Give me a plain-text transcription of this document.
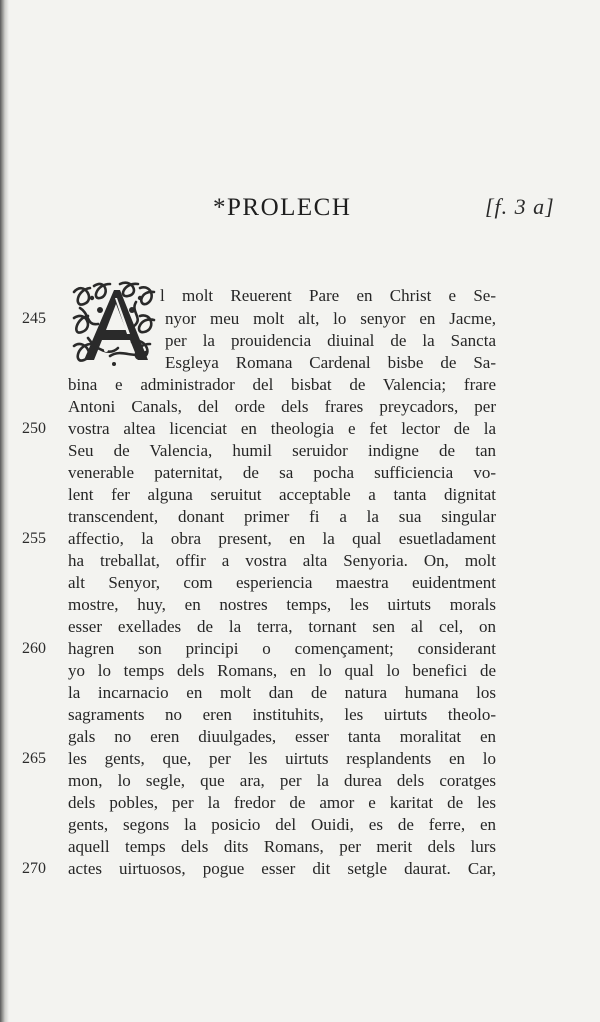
*PROLECH	[f. 3 a]
l molt Reuerent Pare en Christ e Se-
nyor meu molt alt, lo senyor en Jacme,
per la prouidencia diuinal de la Sancta
Esgleya Romana Cardenal bisbe de Sa-
bina e administrador del bisbat de Valencia; frare
Antoni Canals, del orde dels frares preycadors, per
vostra altea licenciat en theologia e fet lector de la
Seu de Valencia, humil seruidor indigne de tan
venerable paternitat, de sa pocha sufficiencia vo-
lent fer alguna seruitut acceptable a tanta dignitat
transcendent, donant primer fi a la sua singular
affectio, la obra present, en la qual esuetladament
ha treballat, offir a vostra alta Senyoria. On, molt
alt Senyor, com esperiencia maestra euidentment
mostre, huy, en nostres temps, les uirtuts morals
esser exellades de la terra, tornant sen al cel, on
hagren son principi o començament; considerant
yo lo temps dels Romans, en lo qual lo benefici de
la incarnacio en molt dan de natura humana los
sagraments no eren instituhits, les uirtuts theolo-
gals no eren diuulgades, esser tanta moralitat en
les gents, que, per les uirtuts resplandents en lo
mon, lo segle, que ara, per la durea dels coratges
dels pobles, per la fredor de amor e karitat de les
gents, segons la posicio del Ouidi, es de ferre, en
aquell temps dels dits Romans, per merit dels lurs
actes uirtuosos, pogue esser dit setgle daurat. Car,
245
250
255
260
265
270
